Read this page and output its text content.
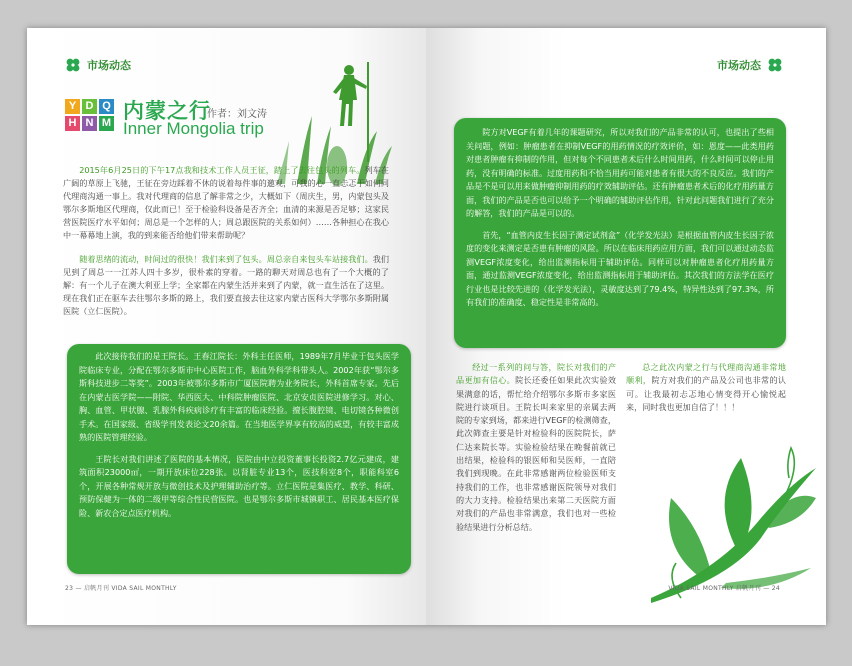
市场动态
Y D Q
H N M 内蒙之行
作者：刘文涛
Inner Mongolia trip

2015年6月25日的下午17点我和技术工作人员王征，踏上了去往包头的列车。列车在广阔的草原上飞驰，王征在旁边踩着不休的说着每件事的邀观，可我的心一直忐忑于如何同代理商沟通一事上。我对代理商的信息了解非常之少，大概如下（周庆生，男，内蒙包头及鄂尔多斯地区代理商，仅此而已！至于检验科设备是否齐全；血清的来源是否足够；这家民营医院医疗水平如何；周总是一个怎样的人；周总跟医院的关系如何）……各种担心在我心中一幕幕地上演，我的到来能否给他们带来帮助呢？

随着思绪的流动，时间过的很快！我们来到了包头。周总亲自来包头车站接我们。我们见到了周总一一江苏人四十多岁，很朴素的穿着。一路的聊天对周总也有了一个大概的了解：有一个儿子在澳大利亚上学；全家都在内蒙生活并来到了内蒙，就一直生活在了这里。现在我们正在驱车去往鄂尔多斯的路上，我们要直接去往这家内蒙古医科大学鄂尔多斯附属医院（立仁医院）。

此次接待我们的是王院长。王春江院长：外科主任医师，1989年7月毕业于包头医学院临床专业，分配在鄂尔多斯市中心医院工作，脑血外科学科带头人。2002年获“鄂尔多斯科技进步二等奖”。2003年被鄂尔多斯市广厦医院聘为业务院长，外科首席专家。先后在内蒙古医学院——附院、华西医大、中科院肿瘤医院、北京安贞医院进修学习。对心、胸、血管、甲状腺、乳腺外科疾病诊疗有丰富的临床经验。擅长腹腔镜、电切镜各种微创手术。在国家级、省级学刊发表论文20余篇。在当地医学界享有较高的威望，有较丰富成熟的医院管理经验。

王院长对我们讲述了医院的基本情况，医院由中立投资董事长投资2.7亿元建成，建筑面积23000㎡，一期开放床位228张。以肾脏专业13个，医技科室8个，职能科室6个，开展各种常规开放与微创技术及护理辅助治疗等。立仁医院是集医疗、教学、科研、预防保健为一体的二级甲等综合性民营医院。也是鄂尔多斯市城镇职工、居民基本医疗保险、新农合定点医疗机构。

23 — 启帆月刊 VIDA SAIL MONTHLY
市场动态

院方对VEGF有着几年的课题研究，所以对我们的产品非常的认可，也提出了些相关问题，例如：肿瘤患者在抑制VEGF的用药情况的疗效评价，如：恩度——此类用药对患者肿瘤有抑制的作用，但对每个不同患者术后什么时间用药，什么时间可以停止用药，没有明确的标准。过度用药和不恰当用药可能对患者有很大的不良反应。我们的产品是不是可以用来做肿瘤抑制用药的疗效辅助评估。还有肿瘤患者术后的化疗用药量方面，我们的产品是否也可以给予一个明确的辅助评估作用，针对此问题我们进行了充分的解答，我们的产品是可以的。

首先，“血管内皮生长因子测定试剂盒”（化学发光法）是根据血管内皮生长因子浓度的变化来测定是否患有肿瘤的风险。所以在临床用药应用方面，我们可以通过动态监测VEGF浓度变化，给出监测指标用于辅助评估。同样可以对肿瘤患者化疗用药量方面，通过监测VEGF浓度变化，给出监测指标用于辅助评估。其次我们的方法学在医疗行业也是比较先进的（化学发光法），灵敏度达到了79.4%，特异性达到了97.3%，所有我们的准确度、稳定性是非常高的。

经过一系列的问与答，院长对我们的产品更加有信心。院长还委任如果此次实验效果满意的话，帮忙给介绍鄂尔多斯市多家医院进行谈项目。王院长叫来家里的亲属去两院的专家到场，都来进行VEGF的检测筛查，此次筛查主要是针对检验科的医院院长，萨仁达来院长等。实验检验结果在晚餐前就已出结果，检验科的银医师和吴医师，一直陪我们到现晚。在此非常感谢两位检验医师支持我们的工作，也非常感谢医院领导对我们的大力支持。检验结果出来第二天医院方面对我们的产品也非常满意，我们也对一些检验结果进行分析总结。

总之此次内蒙之行与代理商沟通非常地顺利，院方对我们的产品及公司也非常的认可。让我最初忐忑地心情变得开心愉悦起来，同时我也更加自信了！！！

VIDA SAIL MONTHLY 启帆月刊 — 24
